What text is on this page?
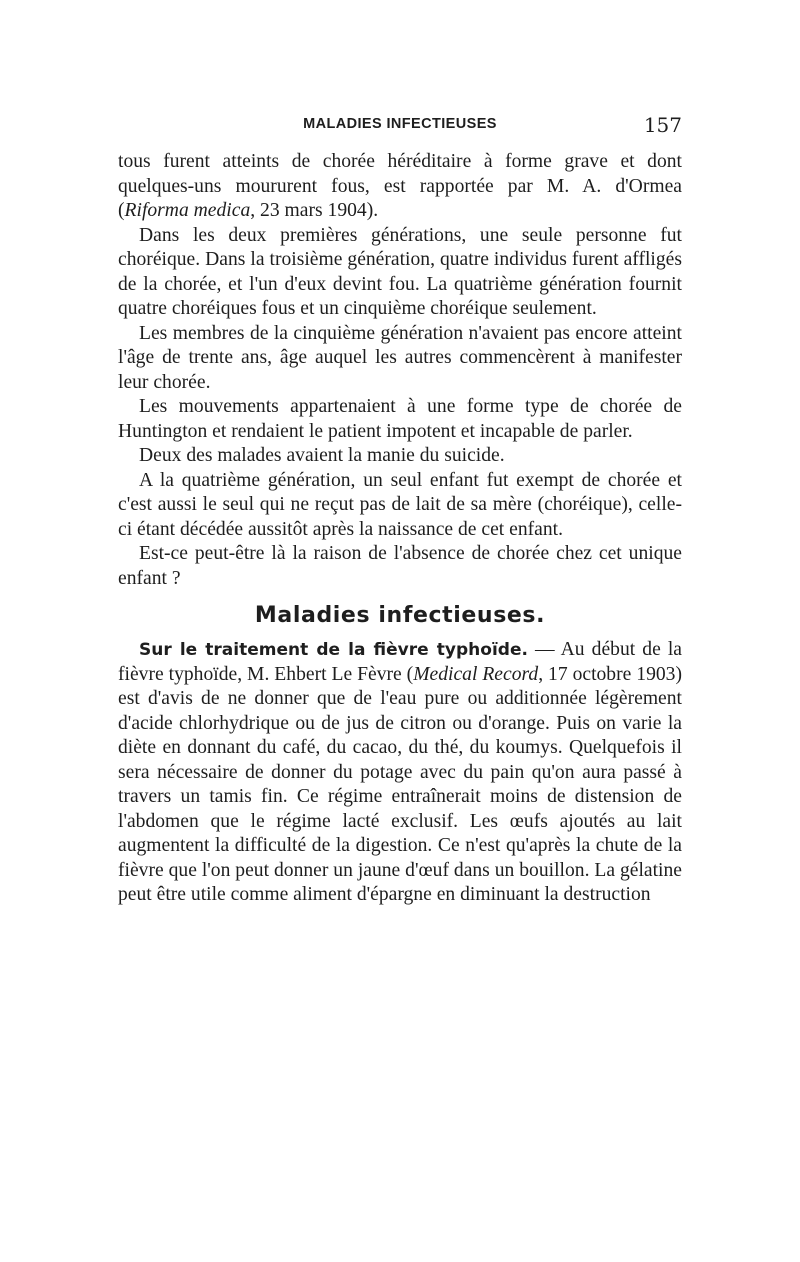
MALADIES INFECTIEUSES	157

tous furent atteints de chorée héréditaire à forme grave et dont quelques-uns moururent fous, est rapportée par M. A. d'Ormea (Riforma medica, 23 mars 1904).

Dans les deux premières générations, une seule personne fut choréique. Dans la troisième génération, quatre individus furent affligés de la chorée, et l'un d'eux devint fou. La quatrième génération fournit quatre choréiques fous et un cinquième choréique seulement.

Les membres de la cinquième génération n'avaient pas encore atteint l'âge de trente ans, âge auquel les autres commencèrent à manifester leur chorée.

Les mouvements appartenaient à une forme type de chorée de Huntington et rendaient le patient impotent et incapable de parler.

Deux des malades avaient la manie du suicide.

A la quatrième génération, un seul enfant fut exempt de chorée et c'est aussi le seul qui ne reçut pas de lait de sa mère (choréique), celle-ci étant décédée aussitôt après la naissance de cet enfant.

Est-ce peut-être là la raison de l'absence de chorée chez cet unique enfant ?

Maladies infectieuses.

Sur le traitement de la fièvre typhoïde. — Au début de la fièvre typhoïde, M. Ehbert Le Fèvre (Medical Record, 17 octobre 1903) est d'avis de ne donner que de l'eau pure ou additionnée légèrement d'acide chlorhydrique ou de jus de citron ou d'orange. Puis on varie la diète en donnant du café, du cacao, du thé, du koumys. Quelquefois il sera nécessaire de donner du potage avec du pain qu'on aura passé à travers un tamis fin. Ce régime entraînerait moins de distension de l'abdomen que le régime lacté exclusif. Les œufs ajoutés au lait augmentent la difficulté de la digestion. Ce n'est qu'après la chute de la fièvre que l'on peut donner un jaune d'œuf dans un bouillon. La gélatine peut être utile comme aliment d'épargne en diminuant la destruction
